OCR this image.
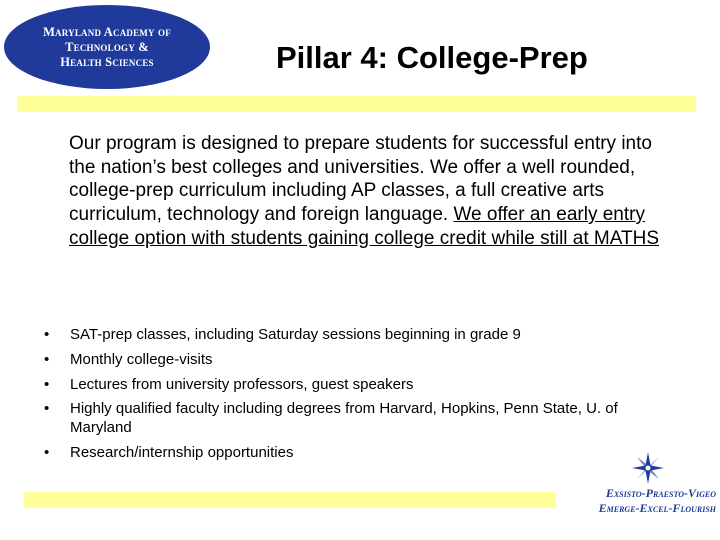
Maryland Academy of
Technology &
Health Sciences	Pillar 4: College-Prep
Our program is designed to prepare students for successful entry into the nation’s best colleges and universities. We offer a well rounded, college-prep curriculum including AP classes, a full creative arts curriculum, technology and foreign language. We offer an early entry college option with students gaining college credit while still at MATHS
• SAT-prep classes, including Saturday sessions beginning in grade 9
• Monthly college-visits
• Lectures from university professors, guest speakers
• Highly qualified faculty including degrees from Harvard, Hopkins, Penn State, U. of Maryland
• Research/internship opportunities
Exsisto-Praesto-Vigeo
Emerge-Excel-Flourish
